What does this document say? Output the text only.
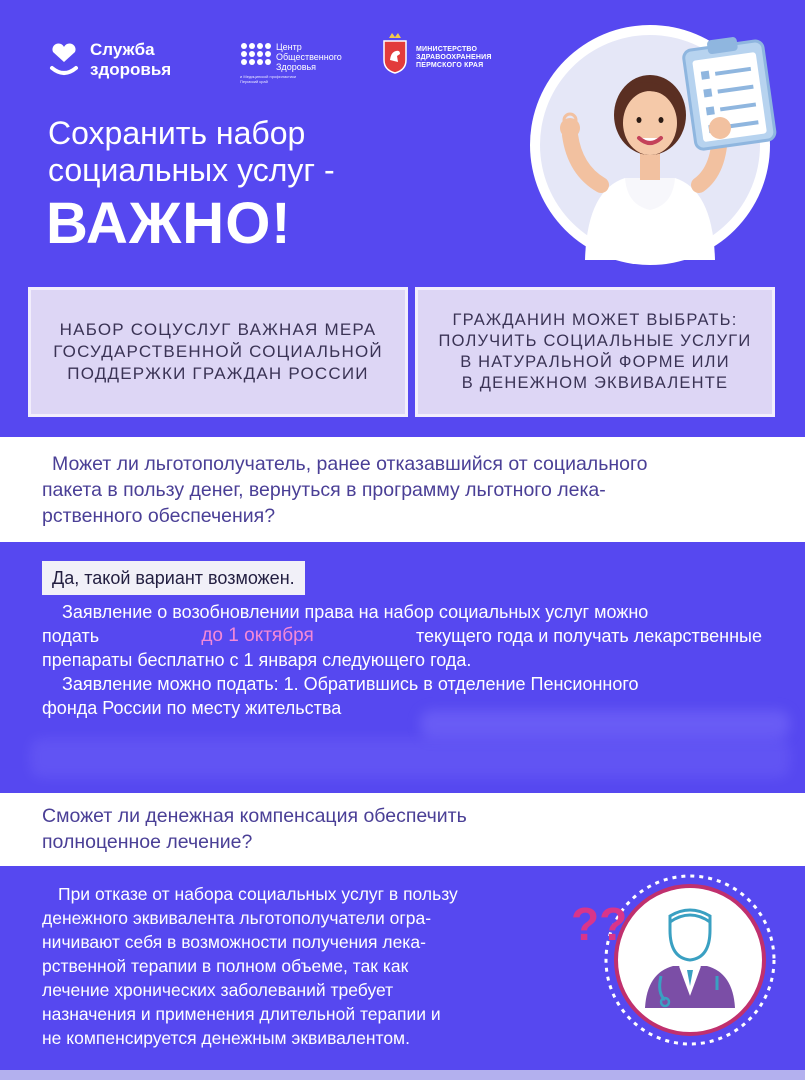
Служба
здоровья
Центр
Общественного
Здоровья
и Медицинской профилактики Пермский край
МИНИСТЕРСТВО
ЗДРАВООХРАНЕНИЯ
ПЕРМСКОГО КРАЯ
Сохранить набор
социальных услуг -
ВАЖНО!
НАБОР СОЦУСЛУГ ВАЖНАЯ МЕРА
ГОСУДАРСТВЕННОЙ СОЦИАЛЬНОЙ
ПОДДЕРЖКИ ГРАЖДАН РОССИИ
ГРАЖДАНИН МОЖЕТ ВЫБРАТЬ:
ПОЛУЧИТЬ СОЦИАЛЬНЫЕ УСЛУГИ
В НАТУРАЛЬНОЙ ФОРМЕ ИЛИ
В ДЕНЕЖНОМ ЭКВИВАЛЕНТЕ
Может ли льготополучатель, ранее отказавшийся от социального
пакета в пользу денег, вернуться в программу льготного лека-
рственного обеспечения?
Да, такой вариант возможен.
Заявление о возобновлении права на набор социальных услуг можно
подать	до 1 октября	текущего года и получать лекарственные
препараты бесплатно с 1 января следующего года.
Заявление можно подать: 1. Обратившись в отделение Пенсионного
фонда России по месту жительства
Сможет ли денежная компенсация обеспечить
полноценное лечение?
При отказе от набора социальных услуг в пользу
денежного эквивалента льготополучатели огра-
ничивают себя в возможности получения лека-
рственной терапии в полном объеме, так как
лечение хронических заболеваний требует
назначения и применения длительной терапии и
не компенсируется денежным эквивалентом.
??
